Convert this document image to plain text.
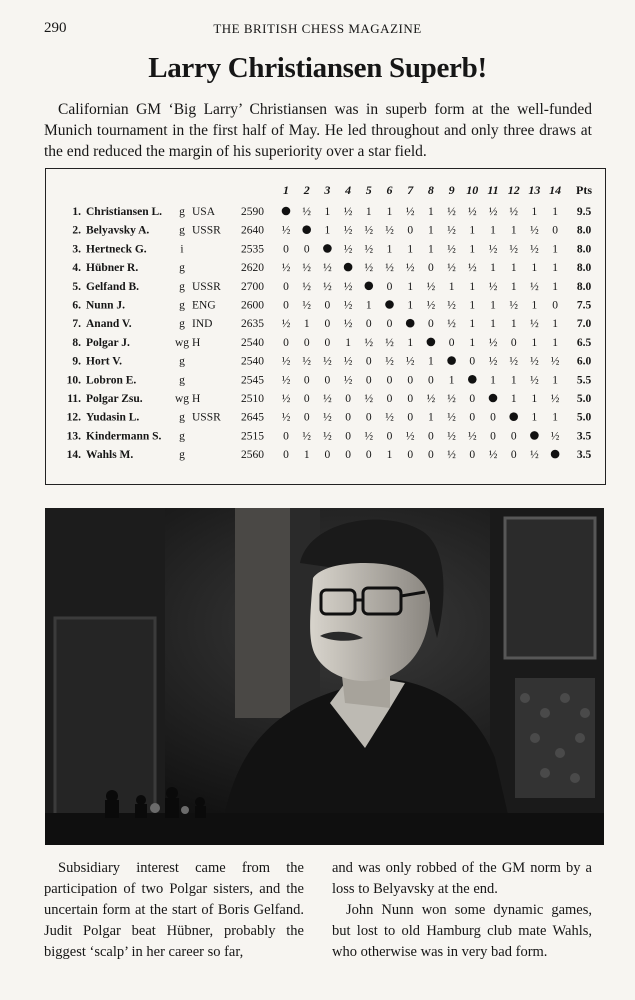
290	THE BRITISH CHESS MAGAZINE
Larry Christiansen Superb!

Californian GM ‘Big Larry’ Christiansen was in superb form at the well-funded Munich tournament in the first half of May. He led throughout and only three draws at the end reduced the margin of his superiority over a star field.

1 2 3 4 5 6 7 8 9 10 11 12 13 14 Pts
1. Christiansen L. g USA 2590	½ 1 ½ 1 1 ½ 1 ½ ½ ½ ½ 1 1 9.5
2. Belyavsky A.	g USSR 2640 ½	1 ½ ½ ½ 0 1 ½ 1 1 1 ½ 0 8.0
3. Hertneck G.	i	2535 0 0	½ ½ 1 1 1 ½ 1 ½ ½ ½ 1 8.0
4. Hübner R.	g	2620 ½ ½ ½	½ ½ ½ 0 ½ ½ 1 1 1 1 8.0
5. Gelfand B.	g USSR 2700 0 ½ ½ ½	0 1 ½ 1 1 ½ 1 ½ 1 8.0
6. Nunn J.	g ENG 2600 0 ½ 0 ½ 1	1 ½ ½ 1 1 ½ 1 0 7.5
7. Anand V.	g IND 2635 ½ 1 0 ½ 0 0	0 ½ 1 1 1 ½ 1 7.0
8. Polgar J.	wg H	2540 0 0 0 1 ½ ½ 1	0 1 ½ 0 1 1 6.5
9. Hort V.	g	2540 ½ ½ ½ ½ 0 ½ ½ 1	0 ½ ½ ½ ½ 6.0
10. Lobron E.	g	2545 ½ 0 0 ½ 0 0 0 0 1	1 1 ½ 1 5.5
11. Polgar Zsu.	wg H	2510 ½ 0 ½ 0 ½ 0 0 ½ ½ 0	1 1 ½ 5.0
12. Yudasin L.	g USSR 2645 ½ 0 ½ 0 0 ½ 0 1 ½ 0 0	1 1 5.0
13. Kindermann S. g	2515 0 ½ ½ 0 ½ 0 ½ 0 ½ ½ 0 0	½ 3.5
14. Wahls M.	g	2560 0 1 0 0 0 1 0 0 ½ 0 ½ 0 ½	3.5

Subsidiary interest came from the participation of two Polgar sisters, and the uncertain form at the start of Boris Gelfand. Judit Polgar beat Hübner, probably the biggest ‘scalp’ in her career so far,

and was only robbed of the GM norm by a loss to Belyavsky at the end.

John Nunn won some dynamic games, but lost to old Hamburg club mate Wahls, who otherwise was in very bad form.
